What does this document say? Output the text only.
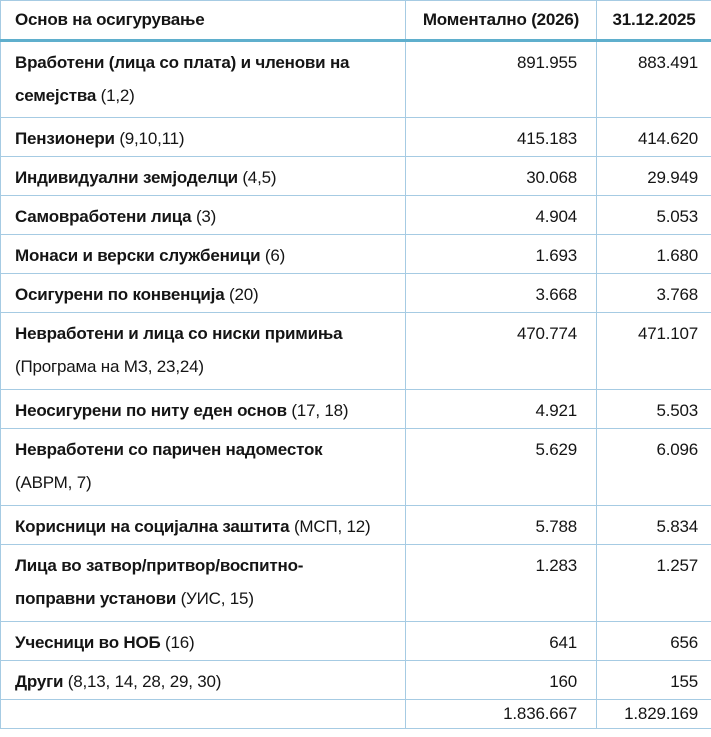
Основ на осигурување	Моментално (2026)	31.12.2025

Вработени (лица со плата) и членови на
семејства (1,2)	891.955	883.491

Пензионери (9,10,11)	415.183	414.620

Индивидуални земјоделци (4,5)	30.068	29.949

Самовработени лица (3)	4.904	5.053

Монаси и верски службеници (6)	1.693	1.680

Осигурени по конвенција (20)	3.668	3.768

Невработени и лица со ниски примиња
(Програма на МЗ, 23,24)	470.774	471.107

Неосигурени по ниту еден основ (17, 18)	4.921	5.503

Невработени со паричен надоместок
(АВРМ, 7)	5.629	6.096

Корисници на социјална заштита (МСП, 12)	5.788	5.834

Лица во затвор/притвор/воспитно-
поправни установи (УИС, 15)	1.283	1.257

Учесници во НОБ (16)	641	656

Други (8,13, 14, 28, 29, 30)	160	155
	1.836.667	1.829.169
